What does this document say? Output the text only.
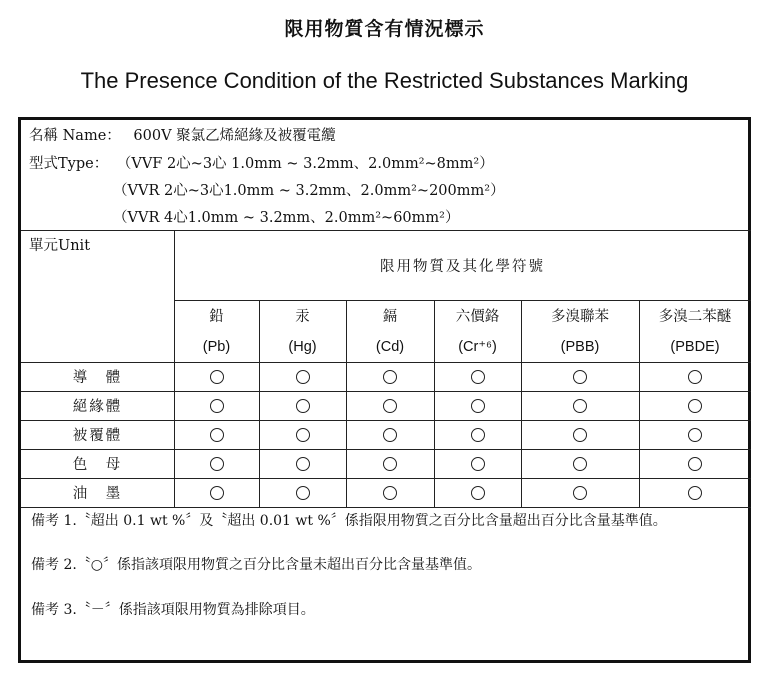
限用物質含有情況標示
The Presence Condition of the Restricted Substances Marking
名稱 Name： 600V 聚氯乙烯絕緣及被覆電纜
型式Type： （VVF 2心~3心 1.0mm ~ 3.2mm、2.0mm²~8mm²）
（VVR 2心~3心1.0mm ~ 3.2mm、2.0mm²~200mm²）
（VVR 4心1.0mm ~ 3.2mm、2.0mm²~60mm²）
單元Unit
限用物質及其化學符號
鉛
(Pb)
汞
(Hg)
鎘
(Cd)
六價鉻
(Cr⁺⁶)
多溴聯苯
(PBB)
多溴二苯醚
(PBDE)
導　體
絕緣體
被覆體
色　母
油　墨
備考 1.〝超出 0.1 wt %〞及〝超出 0.01 wt %〞係指限用物質之百分比含量超出百分比含量基準值。
備考 2.〝○〞係指該項限用物質之百分比含量未超出百分比含量基準值。
備考 3.〝－〞係指該項限用物質為排除項目。
